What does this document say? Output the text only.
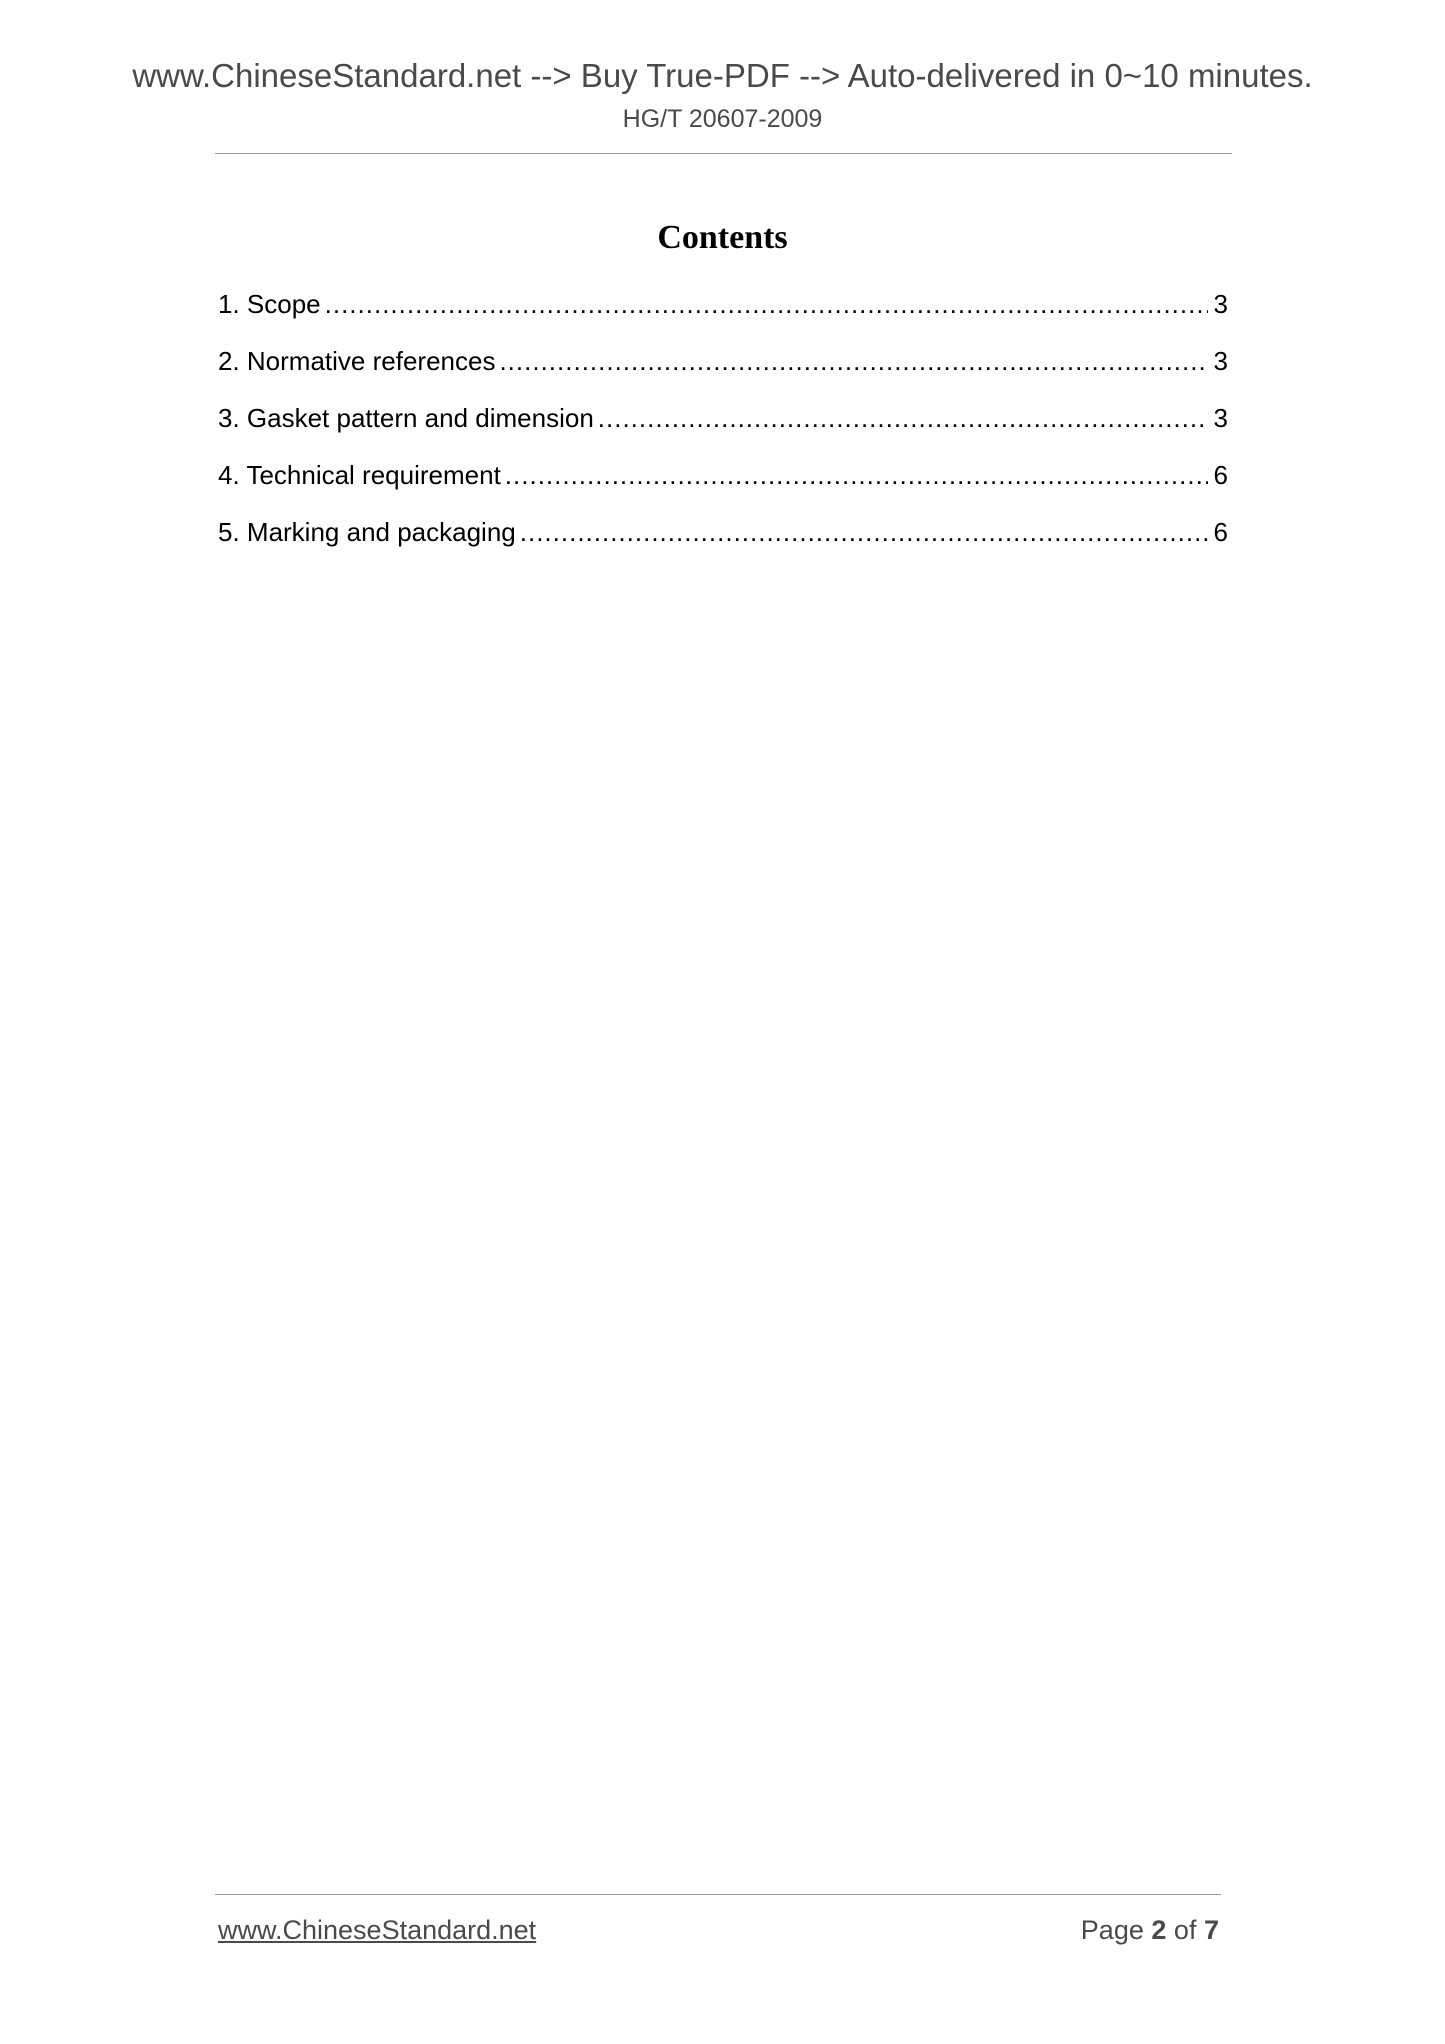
www.ChineseStandard.net --> Buy True-PDF --> Auto-delivered in 0~10 minutes.
HG/T 20607-2009
Contents
1. Scope .....	3
2. Normative references .....	3
3. Gasket pattern and dimension .....	3
4. Technical requirement .....	6
5. Marking and packaging .....	6
www.ChineseStandard.net	Page 2 of 7
